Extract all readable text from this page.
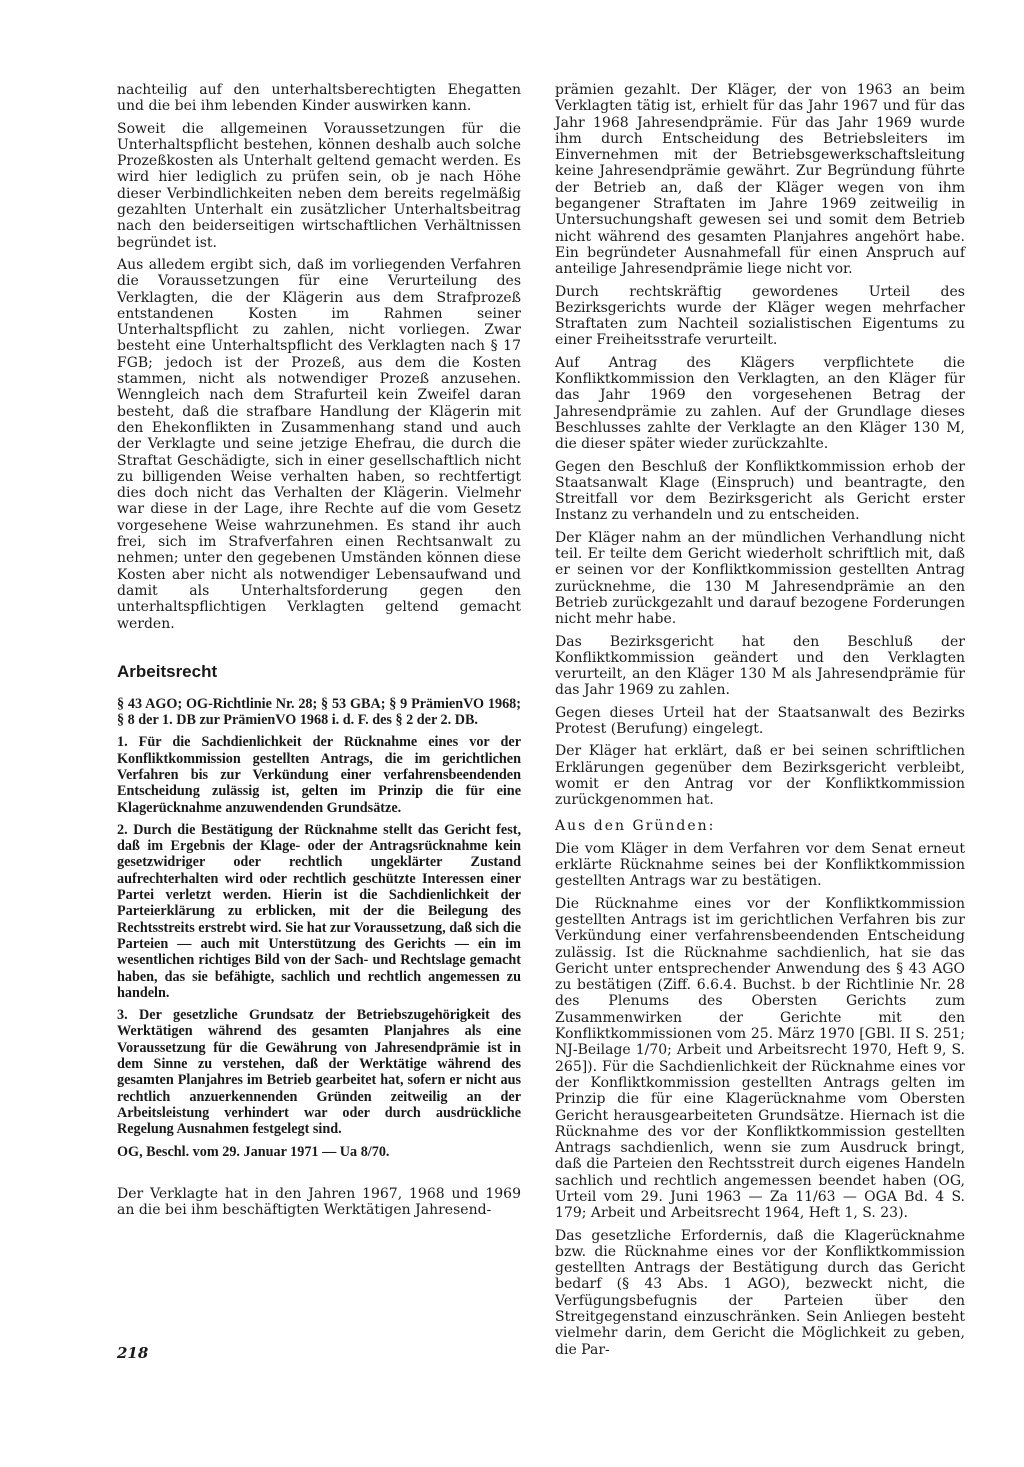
nachteilig auf den unterhaltsberechtigten Ehegatten und die bei ihm lebenden Kinder auswirken kann.

Soweit die allgemeinen Voraussetzungen für die Unterhaltspflicht bestehen, können deshalb auch solche Prozeßkosten als Unterhalt geltend gemacht werden. Es wird hier lediglich zu prüfen sein, ob je nach Höhe dieser Verbindlichkeiten neben dem bereits regelmäßig gezahlten Unterhalt ein zusätzlicher Unterhaltsbeitrag nach den beiderseitigen wirtschaftlichen Verhältnissen begründet ist.

Aus alledem ergibt sich, daß im vorliegenden Verfahren die Voraussetzungen für eine Verurteilung des Verklagten, die der Klägerin aus dem Strafprozeß entstandenen Kosten im Rahmen seiner Unterhaltspflicht zu zahlen, nicht vorliegen. Zwar besteht eine Unterhaltspflicht des Verklagten nach § 17 FGB; jedoch ist der Prozeß, aus dem die Kosten stammen, nicht als notwendiger Prozeß anzusehen. Wenngleich nach dem Strafurteil kein Zweifel daran besteht, daß die strafbare Handlung der Klägerin mit den Ehekonflikten in Zusammenhang stand und auch der Verklagte und seine jetzige Ehefrau, die durch die Straftat Geschädigte, sich in einer gesellschaftlich nicht zu billigenden Weise verhalten haben, so rechtfertigt dies doch nicht das Verhalten der Klägerin. Vielmehr war diese in der Lage, ihre Rechte auf die vom Gesetz vorgesehene Weise wahrzunehmen. Es stand ihr auch frei, sich im Strafverfahren einen Rechtsanwalt zu nehmen; unter den gegebenen Umständen können diese Kosten aber nicht als notwendiger Lebensaufwand und damit als Unterhaltsforderung gegen den unterhaltspflichtigen Verklagten geltend gemacht werden.

Arbeitsrecht

§ 43 AGO; OG-Richtlinie Nr. 28; § 53 GBA; § 9 PrämienVO 1968; § 8 der 1. DB zur PrämienVO 1968 i. d. F. des § 2 der 2. DB.

1. Für die Sachdienlichkeit der Rücknahme eines vor der Konfliktkommission gestellten Antrags, die im gerichtlichen Verfahren bis zur Verkündung einer verfahrensbeendenden Entscheidung zulässig ist, gelten im Prinzip die für eine Klagerücknahme anzuwendenden Grundsätze.

2. Durch die Bestätigung der Rücknahme stellt das Gericht fest, daß im Ergebnis der Klage- oder der Antragsrücknahme kein gesetzwidriger oder rechtlich ungeklärter Zustand aufrechterhalten wird oder rechtlich geschützte Interessen einer Partei verletzt werden. Hierin ist die Sachdienlichkeit der Parteierklärung zu erblicken, mit der die Beilegung des Rechtsstreits erstrebt wird. Sie hat zur Voraussetzung, daß sich die Parteien — auch mit Unterstützung des Gerichts — ein im wesentlichen richtiges Bild von der Sach- und Rechtslage gemacht haben, das sie befähigte, sachlich und rechtlich angemessen zu handeln.

3. Der gesetzliche Grundsatz der Betriebszugehörigkeit des Werktätigen während des gesamten Planjahres als eine Voraussetzung für die Gewährung von Jahresendprämie ist in dem Sinne zu verstehen, daß der Werktätige während des gesamten Planjahres im Betrieb gearbeitet hat, sofern er nicht aus rechtlich anzuerkennenden Gründen zeitweilig an der Arbeitsleistung verhindert war oder durch ausdrückliche Regelung Ausnahmen festgelegt sind.

OG, Beschl. vom 29. Januar 1971 — Ua 8/70.

Der Verklagte hat in den Jahren 1967, 1968 und 1969 an die bei ihm beschäftigten Werktätigen Jahresend-

prämien gezahlt. Der Kläger, der von 1963 an beim Verklagten tätig ist, erhielt für das Jahr 1967 und für das Jahr 1968 Jahresendprämie. Für das Jahr 1969 wurde ihm durch Entscheidung des Betriebsleiters im Einvernehmen mit der Betriebsgewerkschaftsleitung keine Jahresendprämie gewährt. Zur Begründung führte der Betrieb an, daß der Kläger wegen von ihm begangener Straftaten im Jahre 1969 zeitweilig in Untersuchungshaft gewesen sei und somit dem Betrieb nicht während des gesamten Planjahres angehört habe. Ein begründeter Ausnahmefall für einen Anspruch auf anteilige Jahresendprämie liege nicht vor.

Durch rechtskräftig gewordenes Urteil des Bezirksgerichts wurde der Kläger wegen mehrfacher Straftaten zum Nachteil sozialistischen Eigentums zu einer Freiheitsstrafe verurteilt.

Auf Antrag des Klägers verpflichtete die Konfliktkommission den Verklagten, an den Kläger für das Jahr 1969 den vorgesehenen Betrag der Jahresendprämie zu zahlen. Auf der Grundlage dieses Beschlusses zahlte der Verklagte an den Kläger 130 M, die dieser später wieder zurückzahlte.

Gegen den Beschluß der Konfliktkommission erhob der Staatsanwalt Klage (Einspruch) und beantragte, den Streitfall vor dem Bezirksgericht als Gericht erster Instanz zu verhandeln und zu entscheiden.

Der Kläger nahm an der mündlichen Verhandlung nicht teil. Er teilte dem Gericht wiederholt schriftlich mit, daß er seinen vor der Konfliktkommission gestellten Antrag zurücknehme, die 130 M Jahresendprämie an den Betrieb zurückgezahlt und darauf bezogene Forderungen nicht mehr habe.

Das Bezirksgericht hat den Beschluß der Konfliktkommission geändert und den Verklagten verurteilt, an den Kläger 130 M als Jahresendprämie für das Jahr 1969 zu zahlen.

Gegen dieses Urteil hat der Staatsanwalt des Bezirks Protest (Berufung) eingelegt.

Der Kläger hat erklärt, daß er bei seinen schriftlichen Erklärungen gegenüber dem Bezirksgericht verbleibt, womit er den Antrag vor der Konfliktkommission zurückgenommen hat.

Aus den Gründen:

Die vom Kläger in dem Verfahren vor dem Senat erneut erklärte Rücknahme seines bei der Konfliktkommission gestellten Antrags war zu bestätigen.

Die Rücknahme eines vor der Konfliktkommission gestellten Antrags ist im gerichtlichen Verfahren bis zur Verkündung einer verfahrensbeendenden Entscheidung zulässig. Ist die Rücknahme sachdienlich, hat sie das Gericht unter entsprechender Anwendung des § 43 AGO zu bestätigen (Ziff. 6.6.4. Buchst. b der Richtlinie Nr. 28 des Plenums des Obersten Gerichts zum Zusammenwirken der Gerichte mit den Konfliktkommissionen vom 25. März 1970 [GBl. II S. 251; NJ-Beilage 1/70; Arbeit und Arbeitsrecht 1970, Heft 9, S. 265]). Für die Sachdienlichkeit der Rücknahme eines vor der Konfliktkommission gestellten Antrags gelten im Prinzip die für eine Klagerücknahme vom Obersten Gericht herausgearbeiteten Grundsätze. Hiernach ist die Rücknahme des vor der Konfliktkommission gestellten Antrags sachdienlich, wenn sie zum Ausdruck bringt, daß die Parteien den Rechtsstreit durch eigenes Handeln sachlich und rechtlich angemessen beendet haben (OG, Urteil vom 29. Juni 1963 — Za 11/63 — OGA Bd. 4 S. 179; Arbeit und Arbeitsrecht 1964, Heft 1, S. 23).

Das gesetzliche Erfordernis, daß die Klagerücknahme bzw. die Rücknahme eines vor der Konfliktkommission gestellten Antrags der Bestätigung durch das Gericht bedarf (§ 43 Abs. 1 AGO), bezweckt nicht, die Verfügungsbefugnis der Parteien über den Streitgegenstand einzuschränken. Sein Anliegen besteht vielmehr darin, dem Gericht die Möglichkeit zu geben, die Par-

218
